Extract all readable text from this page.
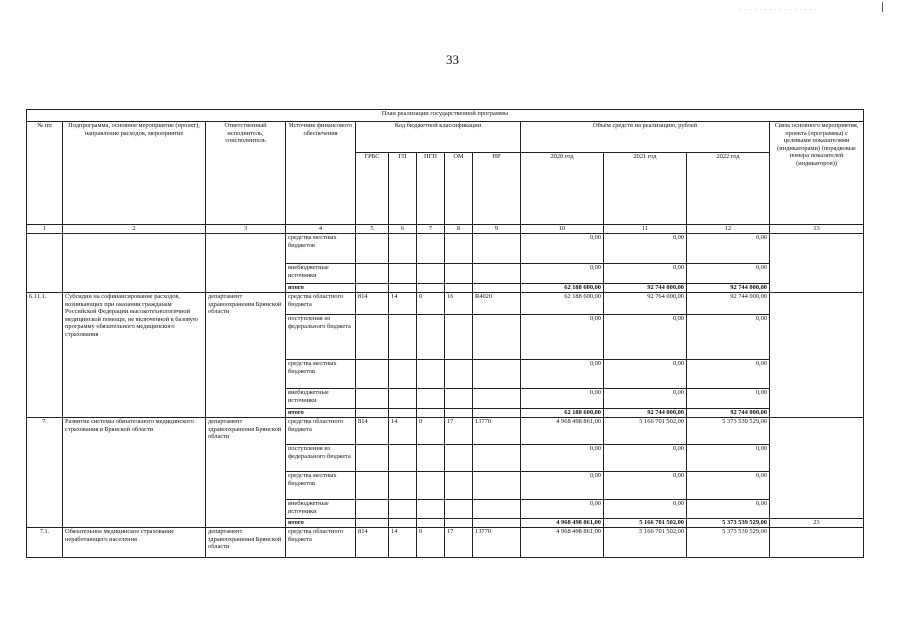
. . . . . . . . . . . . . . . .
33
План реализации государственной программы												
№ пп	Подпрограмма, основное мероприятие (проект), направление расходов, мероприятие	Ответственный исполнитель, соисполнитель	Источник финансового обеспечения	Код бюджетной классификации					Объём средств на реализацию, рублей			Связь основного мероприятия, проекта (программы) с целевыми показателями (индикаторами) (порядковые номера показателей (индикаторов))
				ГРБС	ГП	ПГП	ОМ	НР	2020 год	2021 год	2022 год	
1	2	3	4	5	6	7	8	9	10	11	12	13
			средства местных бюджетов						0,00	0,00	0,00	
			внебюджетные источники						0,00	0,00	0,00	
			итого						62 188 600,00	92 744 000,00	92 744 000,00	
6.11.1.	Субсидии на софинансирование расходов, возникающих при оказании гражданам Российской Федерации высокотехнологичной медицинской помощи, не включенной в базовую программу обязательного медицинского страхования	департамент здравоохранения Брянской области	средства областного бюджета	814	14	0	16	R4020	62 188 600,00	92 764 000,00	92 744 000,00	
			поступления из федерального бюджета						0,00	0,00	0,00	
			средства местных бюджетов						0,00	0,00	0,00	
			внебюджетные источники						0,00	0,00	0,00	
			итого						62 188 600,00	92 744 000,00	92 744 000,00	
7.	Развитие системы обязательного медицинского страхования в Брянской области	департамент здравоохранения Брянской области	средства областного бюджета	814	14	0	17	13770	4 968 498 861,00	5 166 701 502,00	5 373 539 529,00	
			поступления из федерального бюджета						0,00	0,00	0,00	
			средства местных бюджетов						0,00	0,00	0,00	
			внебюджетные источники						0,00	0,00	0,00	
			итого						4 968 498 861,00	5 166 701 502,00	5 373 539 529,00	23
7.1.	Обязательное медицинское страхование неработающего населения	департамент здравоохранения Брянской области	средства областного бюджета	814	14	0	17	13770	4 968 498 861,00	5 166 701 502,00	5 373 539 529,00	
